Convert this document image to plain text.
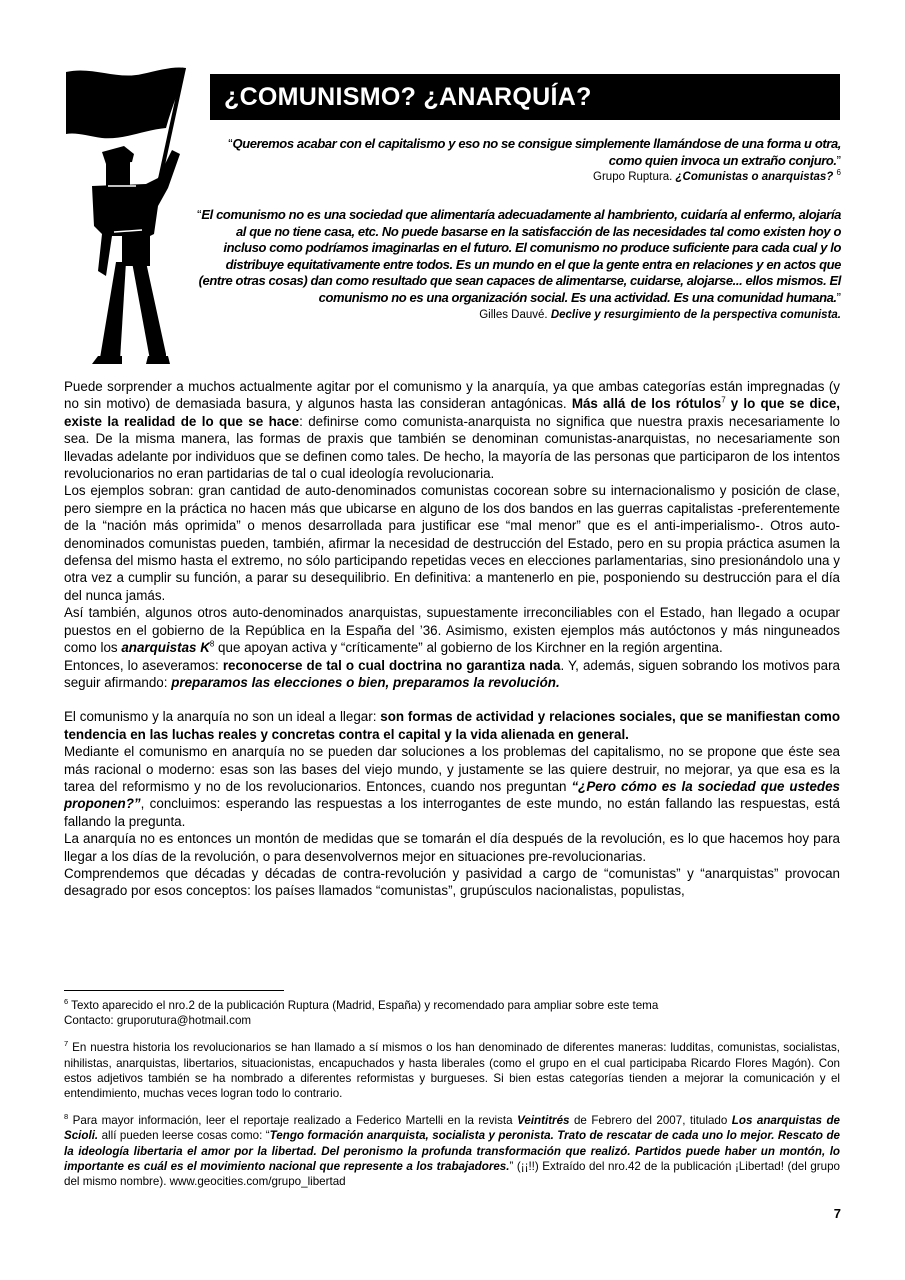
¿COMUNISMO? ¿ANARQUÍA?
“Queremos acabar con el capitalismo y eso no se consigue simplemente llamándose de una forma u otra, como quien invoca un extraño conjuro.”
Grupo Ruptura. ¿Comunistas o anarquistas? $^6$
“El comunismo no es una sociedad que alimentaría adecuadamente al hambriento, cuidaría al enfermo, alojaría al que no tiene casa, etc. No puede basarse en la satisfacción de las necesidades tal como existen hoy o incluso como podríamos imaginarlas en el futuro. El comunismo no produce suficiente para cada cual y lo distribuye equitativamente entre todos. Es un mundo en el que la gente entra en relaciones y en actos que (entre otras cosas) dan como resultado que sean capaces de alimentarse, cuidarse, alojarse... ellos mismos. El comunismo no es una organización social. Es una actividad. Es una comunidad humana.”
Gilles Dauvé. Declive y resurgimiento de la perspectiva comunista.

Puede sorprender a muchos actualmente agitar por el comunismo y la anarquía, ya que ambas categorías están impregnadas (y no sin motivo) de demasiada basura, y algunos hasta las consideran antagónicas. Más allá de los rótulos$^7$ y lo que se dice, existe la realidad de lo que se hace: definirse como comunista-anarquista no significa que nuestra praxis necesariamente lo sea. De la misma manera, las formas de praxis que también se denominan comunistas-anarquistas, no necesariamente son llevadas adelante por individuos que se definen como tales. De hecho, la mayoría de las personas que participaron de los intentos revolucionarios no eran partidarias de tal o cual ideología revolucionaria.

Los ejemplos sobran: gran cantidad de auto-denominados comunistas cocorean sobre su internacionalismo y posición de clase, pero siempre en la práctica no hacen más que ubicarse en alguno de los dos bandos en las guerras capitalistas -preferentemente de la “nación más oprimida” o menos desarrollada para justificar ese “mal menor” que es el anti-imperialismo-. Otros auto-denominados comunistas pueden, también, afirmar la necesidad de destrucción del Estado, pero en su propia práctica asumen la defensa del mismo hasta el extremo, no sólo participando repetidas veces en elecciones parlamentarias, sino presionándolo una y otra vez a cumplir su función, a parar su desequilibrio. En definitiva: a mantenerlo en pie, posponiendo su destrucción para el día del nunca jamás.

Así también, algunos otros auto-denominados anarquistas, supuestamente irreconciliables con el Estado, han llegado a ocupar puestos en el gobierno de la República en la España del ’36. Asimismo, existen ejemplos más autóctonos y más ninguneados como los anarquistas $K^8$ que apoyan activa y “críticamente” al gobierno de los Kirchner en la región argentina.

Entonces, lo aseveramos: reconocerse de tal o cual doctrina no garantiza nada. Y, además, siguen sobrando los motivos para seguir afirmando: preparamos las elecciones o bien, preparamos la revolución.

El comunismo y la anarquía no son un ideal a llegar: son formas de actividad y relaciones sociales, que se manifiestan como tendencia en las luchas reales y concretas contra el capital y la vida alienada en general.

Mediante el comunismo en anarquía no se pueden dar soluciones a los problemas del capitalismo, no se propone que éste sea más racional o moderno: esas son las bases del viejo mundo, y justamente se las quiere destruir, no mejorar, ya que esa es la tarea del reformismo y no de los revolucionarios. Entonces, cuando nos preguntan “¿Pero cómo es la sociedad que ustedes proponen?”, concluimos: esperando las respuestas a los interrogantes de este mundo, no están fallando las respuestas, está fallando la pregunta.

La anarquía no es entonces un montón de medidas que se tomarán el día después de la revolución, es lo que hacemos hoy para llegar a los días de la revolución, o para desenvolvernos mejor en situaciones pre-revolucionarias.

Comprendemos que décadas y décadas de contra-revolución y pasividad a cargo de “comunistas” y “anarquistas” provocan desagrado por esos conceptos: los países llamados “comunistas”, grupúsculos nacionalistas, populistas,

$^6$ Texto aparecido el nro.2 de la publicación Ruptura (Madrid, España) y recomendado para ampliar sobre este tema
Contacto: gruporutura@hotmail.com

$^7$ En nuestra historia los revolucionarios se han llamado a sí mismos o los han denominado de diferentes maneras: ludditas, comunistas, socialistas, nihilistas, anarquistas, libertarios, situacionistas, encapuchados y hasta liberales (como el grupo en el cual participaba Ricardo Flores Magón). Con estos adjetivos también se ha nombrado a diferentes reformistas y burgueses. Si bien estas categorías tienden a mejorar la comunicación y el entendimiento, muchas veces logran todo lo contrario.

$^8$ Para mayor información, leer el reportaje realizado a Federico Martelli en la revista Veintitrés de Febrero del 2007, titulado Los anarquistas de Scioli. allí pueden leerse cosas como: “Tengo formación anarquista, socialista y peronista. Trato de rescatar de cada uno lo mejor. Rescato de la ideología libertaria el amor por la libertad. Del peronismo la profunda transformación que realizó. Partidos puede haber un montón, lo importante es cuál es el movimiento nacional que represente a los trabajadores.” (¡¡!!) Extraído del nro.42 de la publicación ¡Libertad! (del grupo del mismo nombre). www.geocities.com/grupo_libertad

7
